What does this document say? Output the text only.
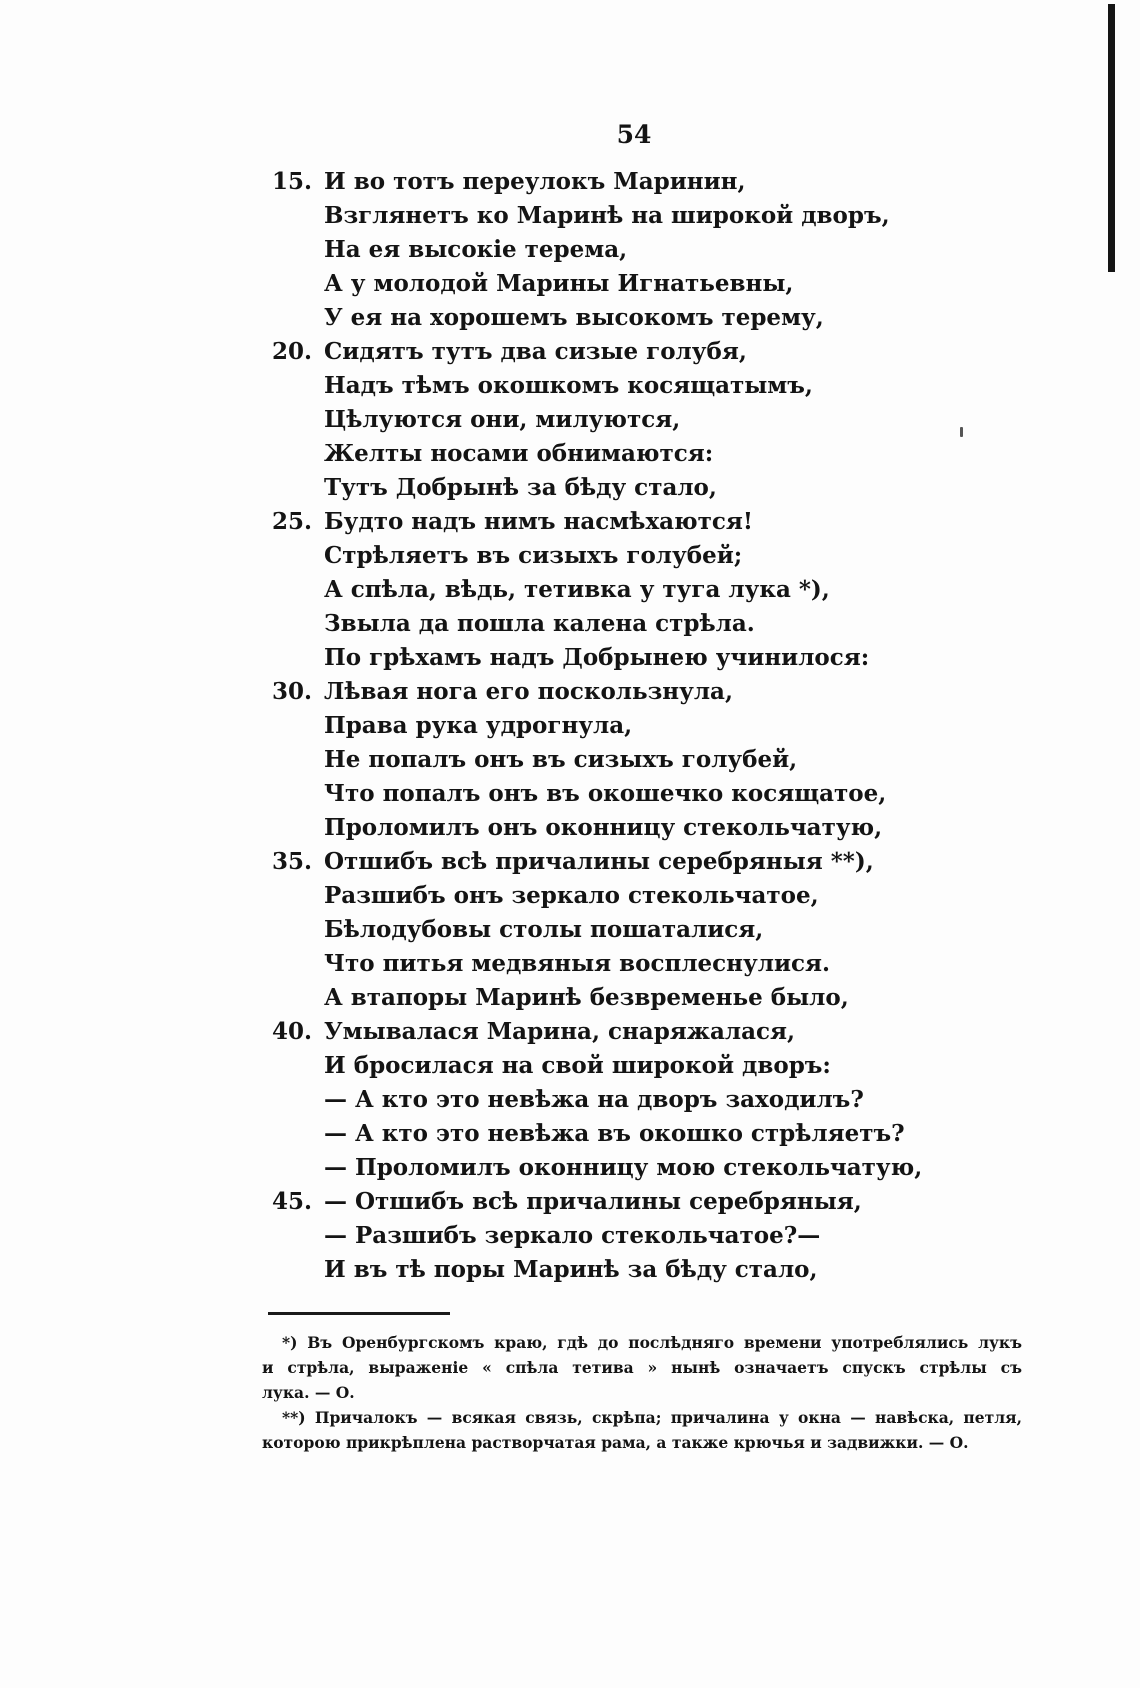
54
15. И во тотъ переулокъ Маринин,
Взглянетъ ко Маринѣ на широкой дворъ,
На ея высокіе терема,
А у молодой Марины Игнатьевны,
У ея на хорошемъ высокомъ терему,
20. Сидятъ тутъ два сизые голубя,
Надъ тѣмъ окошкомъ косящатымъ,
Цѣлуются они, милуются,
Желты носами обнимаются:
Тутъ Добрынѣ за бѣду стало,
25. Будто надъ нимъ насмѣхаются!
Стрѣляетъ въ сизыхъ голубей;
А спѣла, вѣдь, тетивка у туга лука *),
Звыла да пошла калена стрѣла.
По грѣхамъ надъ Добрынею учинилося:
30. Лѣвая нога его поскользнула,
Права рука удрогнула,
Не попалъ онъ въ сизыхъ голубей,
Что попалъ онъ въ окошечко косящатое,
Проломилъ онъ оконницу стекольчатую,
35. Отшибъ всѣ причалины серебряныя **),
Разшибъ онъ зеркало стекольчатое,
Бѣлодубовы столы пошаталися,
Что питья медвяныя восплеснулися.
А втапоры Маринѣ безвременье было,
40. Умывалася Марина, снаряжалася,
И бросилася на свой широкой дворъ:
— А кто это невѣжа на дворъ заходилъ?
— А кто это невѣжа въ окошко стрѣляетъ?
— Проломилъ оконницу мою стекольчатую,
45. — Отшибъ всѣ причалины серебряныя,
— Разшибъ зеркало стекольчатое?—
И въ тѣ поры Маринѣ за бѣду стало,
*) Въ Оренбургскомъ краю, гдѣ до послѣдняго времени употреблялись лукъ
и стрѣла, выраженіе « спѣла тетива » нынѣ означаетъ спускъ стрѣлы съ
лука. — О.
**) Причалокъ — всякая связь, скрѣпа; причалина у окна — навѣска, петля,
которою прикрѣплена растворчатая рама, а также крючья и задвижки. — О.
